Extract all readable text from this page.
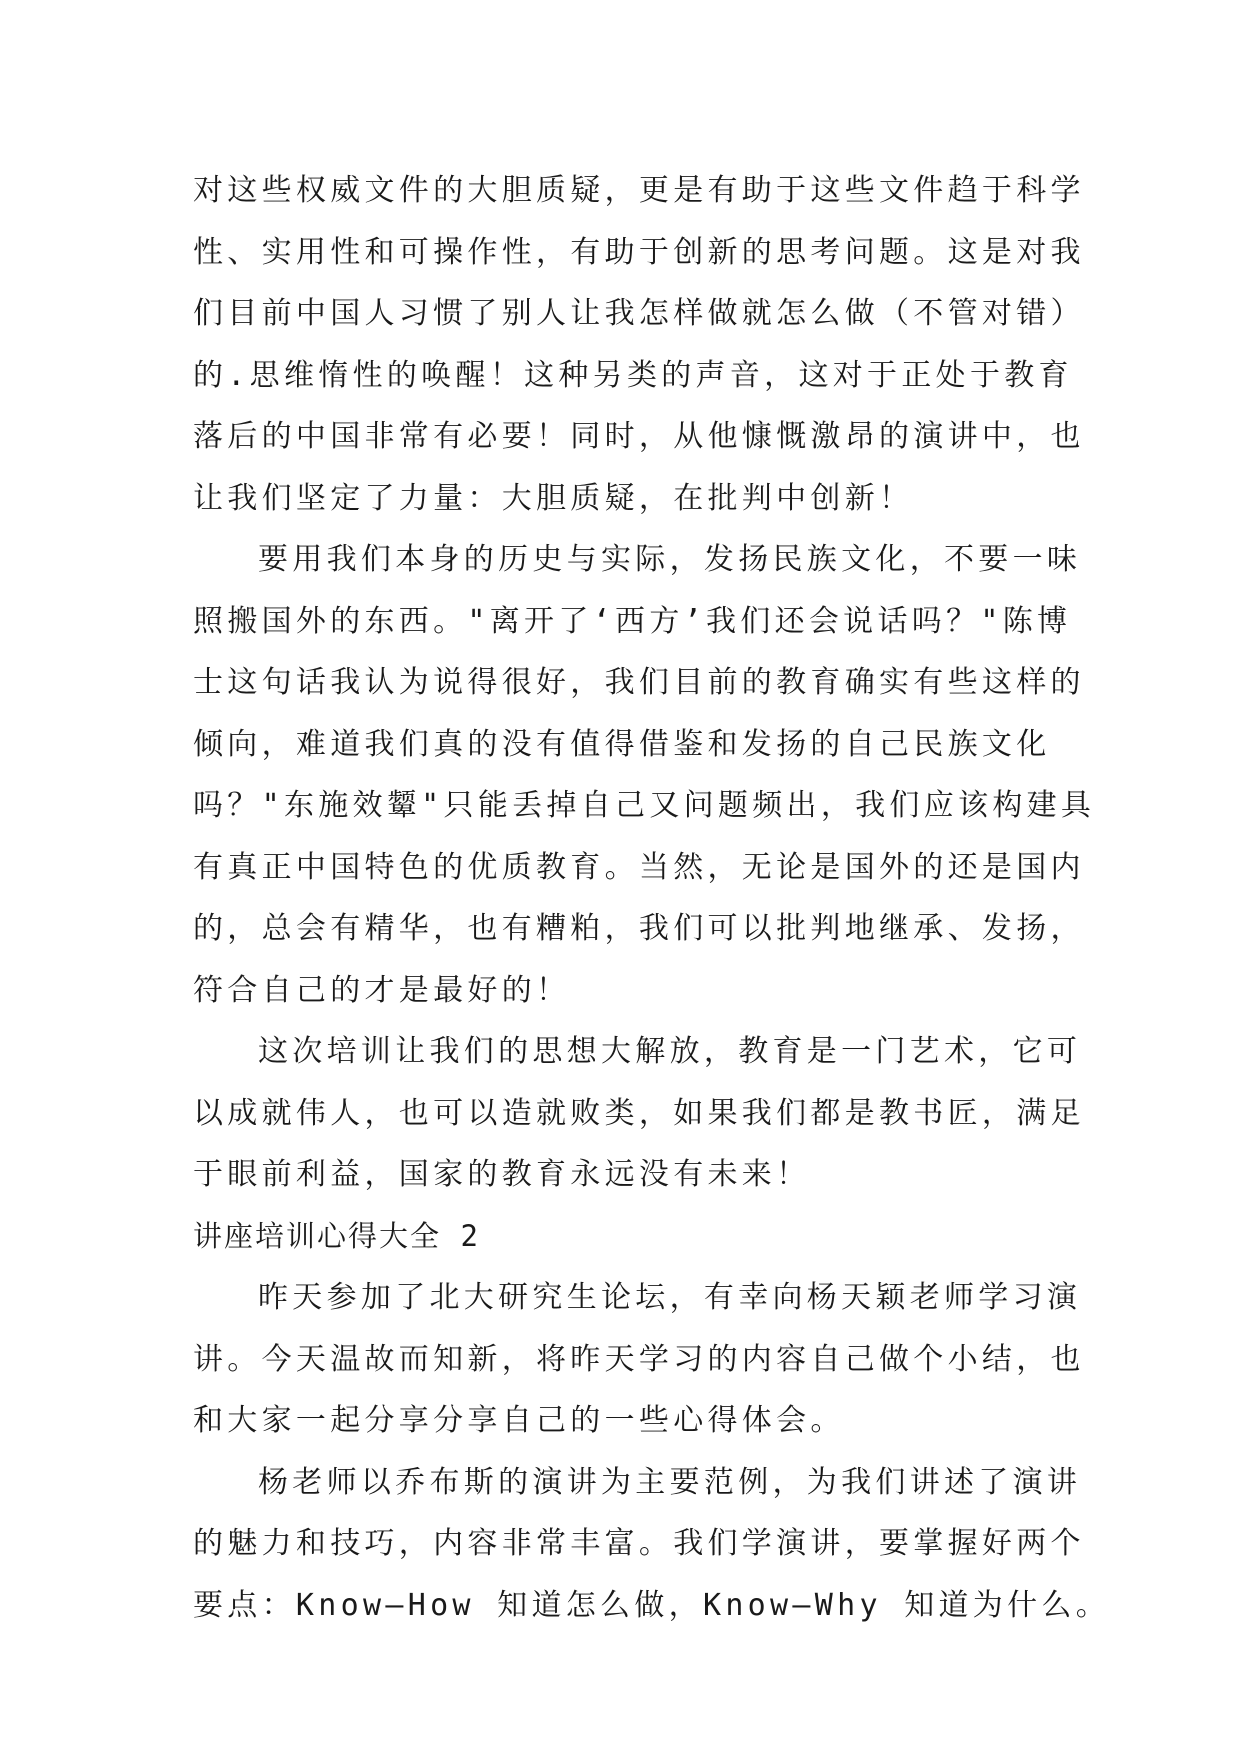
对这些权威文件的大胆质疑，更是有助于这些文件趋于科学
性、实用性和可操作性，有助于创新的思考问题。这是对我
们目前中国人习惯了别人让我怎样做就怎么做（不管对错）
的.思维惰性的唤醒！这种另类的声音，这对于正处于教育
落后的中国非常有必要！同时，从他慷慨激昂的演讲中，也
让我们坚定了力量：大胆质疑，在批判中创新！
要用我们本身的历史与实际，发扬民族文化，不要一味
照搬国外的东西。"离开了‘西方’我们还会说话吗？"陈博
士这句话我认为说得很好，我们目前的教育确实有些这样的
倾向，难道我们真的没有值得借鉴和发扬的自己民族文化
吗？"东施效颦"只能丢掉自己又问题频出，我们应该构建具
有真正中国特色的优质教育。当然，无论是国外的还是国内
的，总会有精华，也有糟粕，我们可以批判地继承、发扬，
符合自己的才是最好的！
这次培训让我们的思想大解放，教育是一门艺术，它可
以成就伟人，也可以造就败类，如果我们都是教书匠，满足
于眼前利益，国家的教育永远没有未来！
讲座培训心得大全 2
昨天参加了北大研究生论坛，有幸向杨天颖老师学习演
讲。今天温故而知新，将昨天学习的内容自己做个小结，也
和大家一起分享分享自己的一些心得体会。
杨老师以乔布斯的演讲为主要范例，为我们讲述了演讲
的魅力和技巧，内容非常丰富。我们学演讲，要掌握好两个
要点：Know—How 知道怎么做，Know—Why 知道为什么。
